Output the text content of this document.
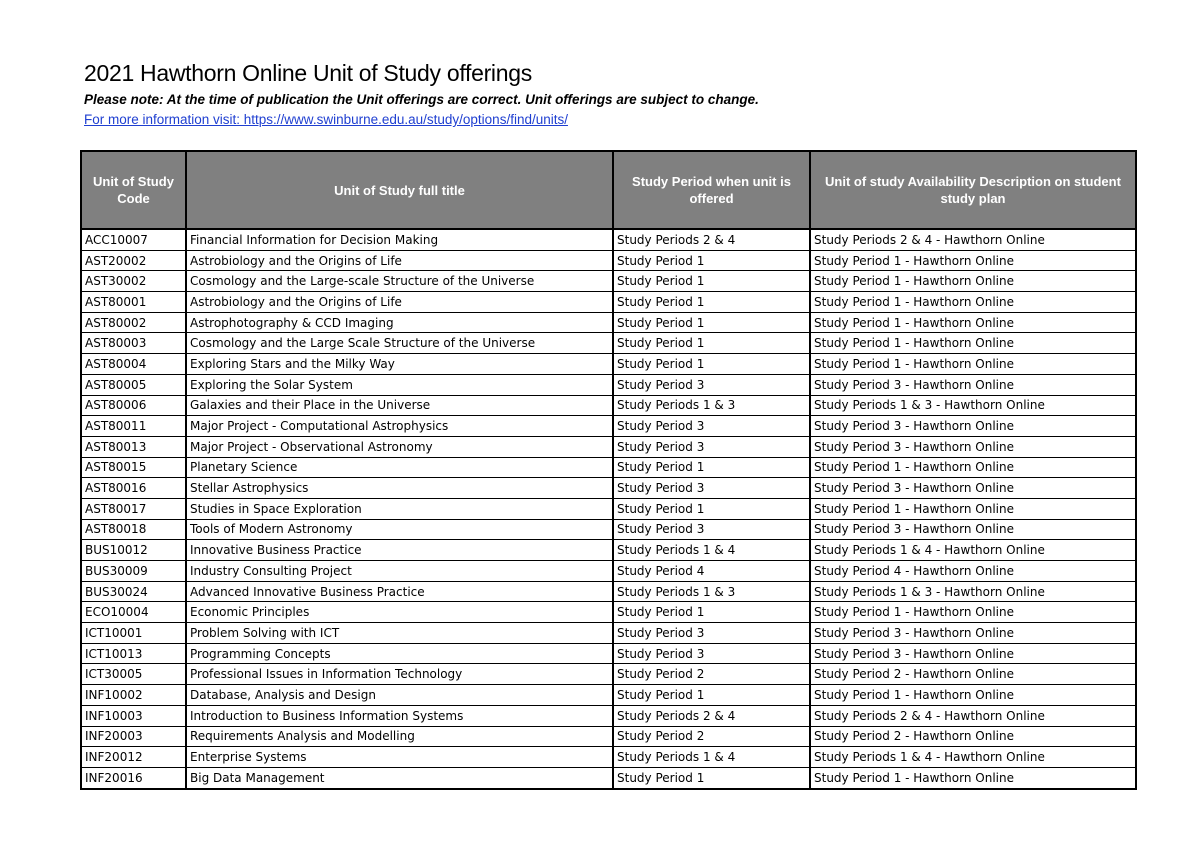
2021 Hawthorn Online Unit of Study offerings
Please note: At the time of publication the Unit offerings are correct. Unit offerings are subject to change.
For more information visit: https://www.swinburne.edu.au/study/options/find/units/
Unit of Study Code	Unit of Study full title	Study Period when unit is offered	Unit of study Availability Description on student study plan
ACC10007	Financial Information for Decision Making	Study Periods 2 & 4	Study Periods 2 & 4 - Hawthorn Online
AST20002	Astrobiology and the Origins of Life	Study Period 1	Study Period 1 - Hawthorn Online
AST30002	Cosmology and the Large-scale Structure of the Universe	Study Period 1	Study Period 1 - Hawthorn Online
AST80001	Astrobiology and the Origins of Life	Study Period 1	Study Period 1 - Hawthorn Online
AST80002	Astrophotography & CCD Imaging	Study Period 1	Study Period 1 - Hawthorn Online
AST80003	Cosmology and the Large Scale Structure of the Universe	Study Period 1	Study Period 1 - Hawthorn Online
AST80004	Exploring Stars and the Milky Way	Study Period 1	Study Period 1 - Hawthorn Online
AST80005	Exploring the Solar System	Study Period 3	Study Period 3 - Hawthorn Online
AST80006	Galaxies and their Place in the Universe	Study Periods 1 & 3	Study Periods 1 & 3 - Hawthorn Online
AST80011	Major Project - Computational Astrophysics	Study Period 3	Study Period 3 - Hawthorn Online
AST80013	Major Project - Observational Astronomy	Study Period 3	Study Period 3 - Hawthorn Online
AST80015	Planetary Science	Study Period 1	Study Period 1 - Hawthorn Online
AST80016	Stellar Astrophysics	Study Period 3	Study Period 3 - Hawthorn Online
AST80017	Studies in Space Exploration	Study Period 1	Study Period 1 - Hawthorn Online
AST80018	Tools of Modern Astronomy	Study Period 3	Study Period 3 - Hawthorn Online
BUS10012	Innovative Business Practice	Study Periods 1 & 4	Study Periods 1 & 4 - Hawthorn Online
BUS30009	Industry Consulting Project	Study Period 4	Study Period 4 - Hawthorn Online
BUS30024	Advanced Innovative Business Practice	Study Periods 1 & 3	Study Periods 1 & 3 - Hawthorn Online
ECO10004	Economic Principles	Study Period 1	Study Period 1 - Hawthorn Online
ICT10001	Problem Solving with ICT	Study Period 3	Study Period 3 - Hawthorn Online
ICT10013	Programming Concepts	Study Period 3	Study Period 3 - Hawthorn Online
ICT30005	Professional Issues in Information Technology	Study Period 2	Study Period 2 - Hawthorn Online
INF10002	Database, Analysis and Design	Study Period 1	Study Period 1 - Hawthorn Online
INF10003	Introduction to Business Information Systems	Study Periods 2 & 4	Study Periods 2 & 4 - Hawthorn Online
INF20003	Requirements Analysis and Modelling	Study Period 2	Study Period 2 - Hawthorn Online
INF20012	Enterprise Systems	Study Periods 1 & 4	Study Periods 1 & 4 - Hawthorn Online
INF20016	Big Data Management	Study Period 1	Study Period 1 - Hawthorn Online
